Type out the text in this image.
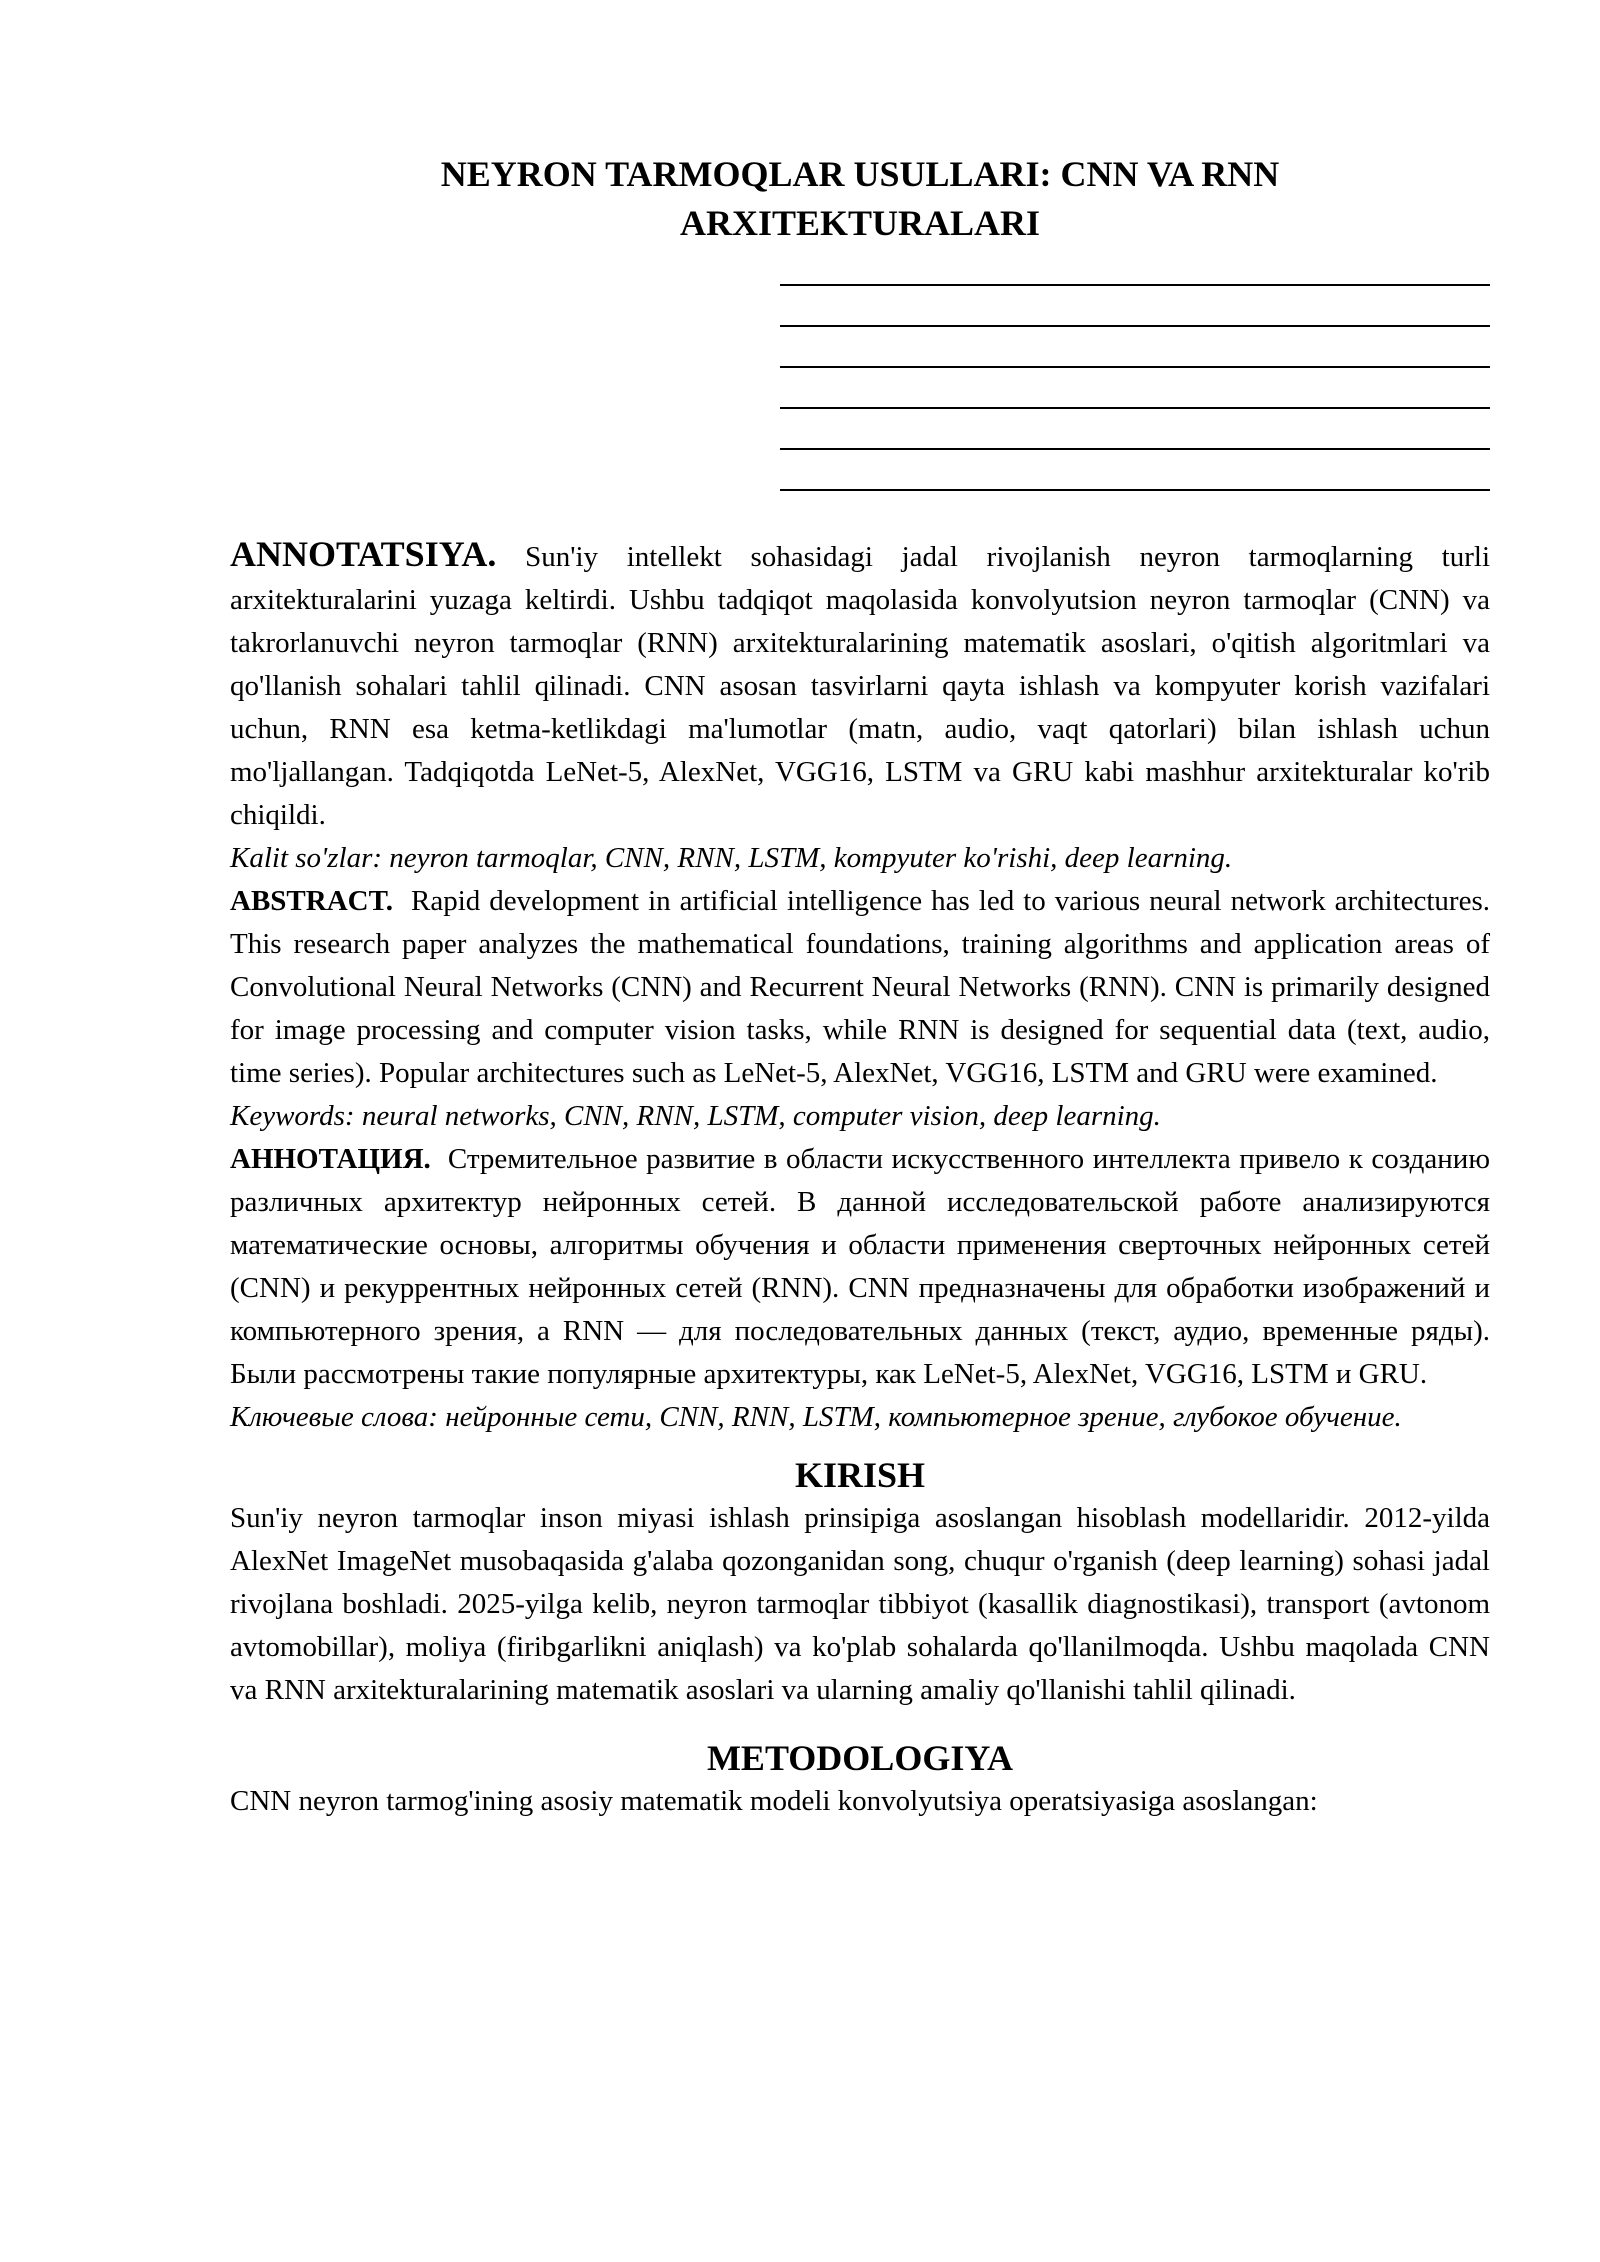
NEYRON TARMOQLAR USULLARI: CNN VA RNN
ARXITEKTURALARI

ANNOTATSIYA. Sun'iy intellekt sohasidagi jadal rivojlanish neyron tarmoqlarning turli arxitekturalarini yuzaga keltirdi. Ushbu tadqiqot maqolasida konvolyutsion neyron tarmoqlar (CNN) va takrorlanuvchi neyron tarmoqlar (RNN) arxitekturalarining matematik asoslari, o'qitish algoritmlari va qo'llanish sohalari tahlil qilinadi. CNN asosan tasvirlarni qayta ishlash va kompyuter korish vazifalari uchun, RNN esa ketma-ketlikdagi ma'lumotlar (matn, audio, vaqt qatorlari) bilan ishlash uchun mo'ljallangan. Tadqiqotda LeNet-5, AlexNet, VGG16, LSTM va GRU kabi mashhur arxitekturalar ko'rib chiqildi.

Kalit so'zlar: neyron tarmoqlar, CNN, RNN, LSTM, kompyuter ko'rishi, deep learning.

ABSTRACT. Rapid development in artificial intelligence has led to various neural network architectures. This research paper analyzes the mathematical foundations, training algorithms and application areas of Convolutional Neural Networks (CNN) and Recurrent Neural Networks (RNN). CNN is primarily designed for image processing and computer vision tasks, while RNN is designed for sequential data (text, audio, time series). Popular architectures such as LeNet-5, AlexNet, VGG16, LSTM and GRU were examined.

Keywords: neural networks, CNN, RNN, LSTM, computer vision, deep learning.

АННОТАЦИЯ. Стремительное развитие в области искусственного интеллекта привело к созданию различных архитектур нейронных сетей. В данной исследовательской работе анализируются математические основы, алгоритмы обучения и области применения сверточных нейронных сетей (CNN) и рекуррентных нейронных сетей (RNN). CNN предназначены для обработки изображений и компьютерного зрения, а RNN — для последовательных данных (текст, аудио, временные ряды). Были рассмотрены такие популярные архитектуры, как LeNet-5, AlexNet, VGG16, LSTM и GRU.

Ключевые слова: нейронные сети, CNN, RNN, LSTM, компьютерное зрение, глубокое обучение.

KIRISH

Sun'iy neyron tarmoqlar inson miyasi ishlash prinsipiga asoslangan hisoblash modellaridir. 2012-yilda AlexNet ImageNet musobaqasida g'alaba qozonganidan song, chuqur o'rganish (deep learning) sohasi jadal rivojlana boshladi. 2025-yilga kelib, neyron tarmoqlar tibbiyot (kasallik diagnostikasi), transport (avtonom avtomobillar), moliya (firibgarlikni aniqlash) va ko'plab sohalarda qo'llanilmoqda. Ushbu maqolada CNN va RNN arxitekturalarining matematik asoslari va ularning amaliy qo'llanishi tahlil qilinadi.

METODOLOGIYA

CNN neyron tarmog'ining asosiy matematik modeli konvolyutsiya operatsiyasiga asoslangan:
